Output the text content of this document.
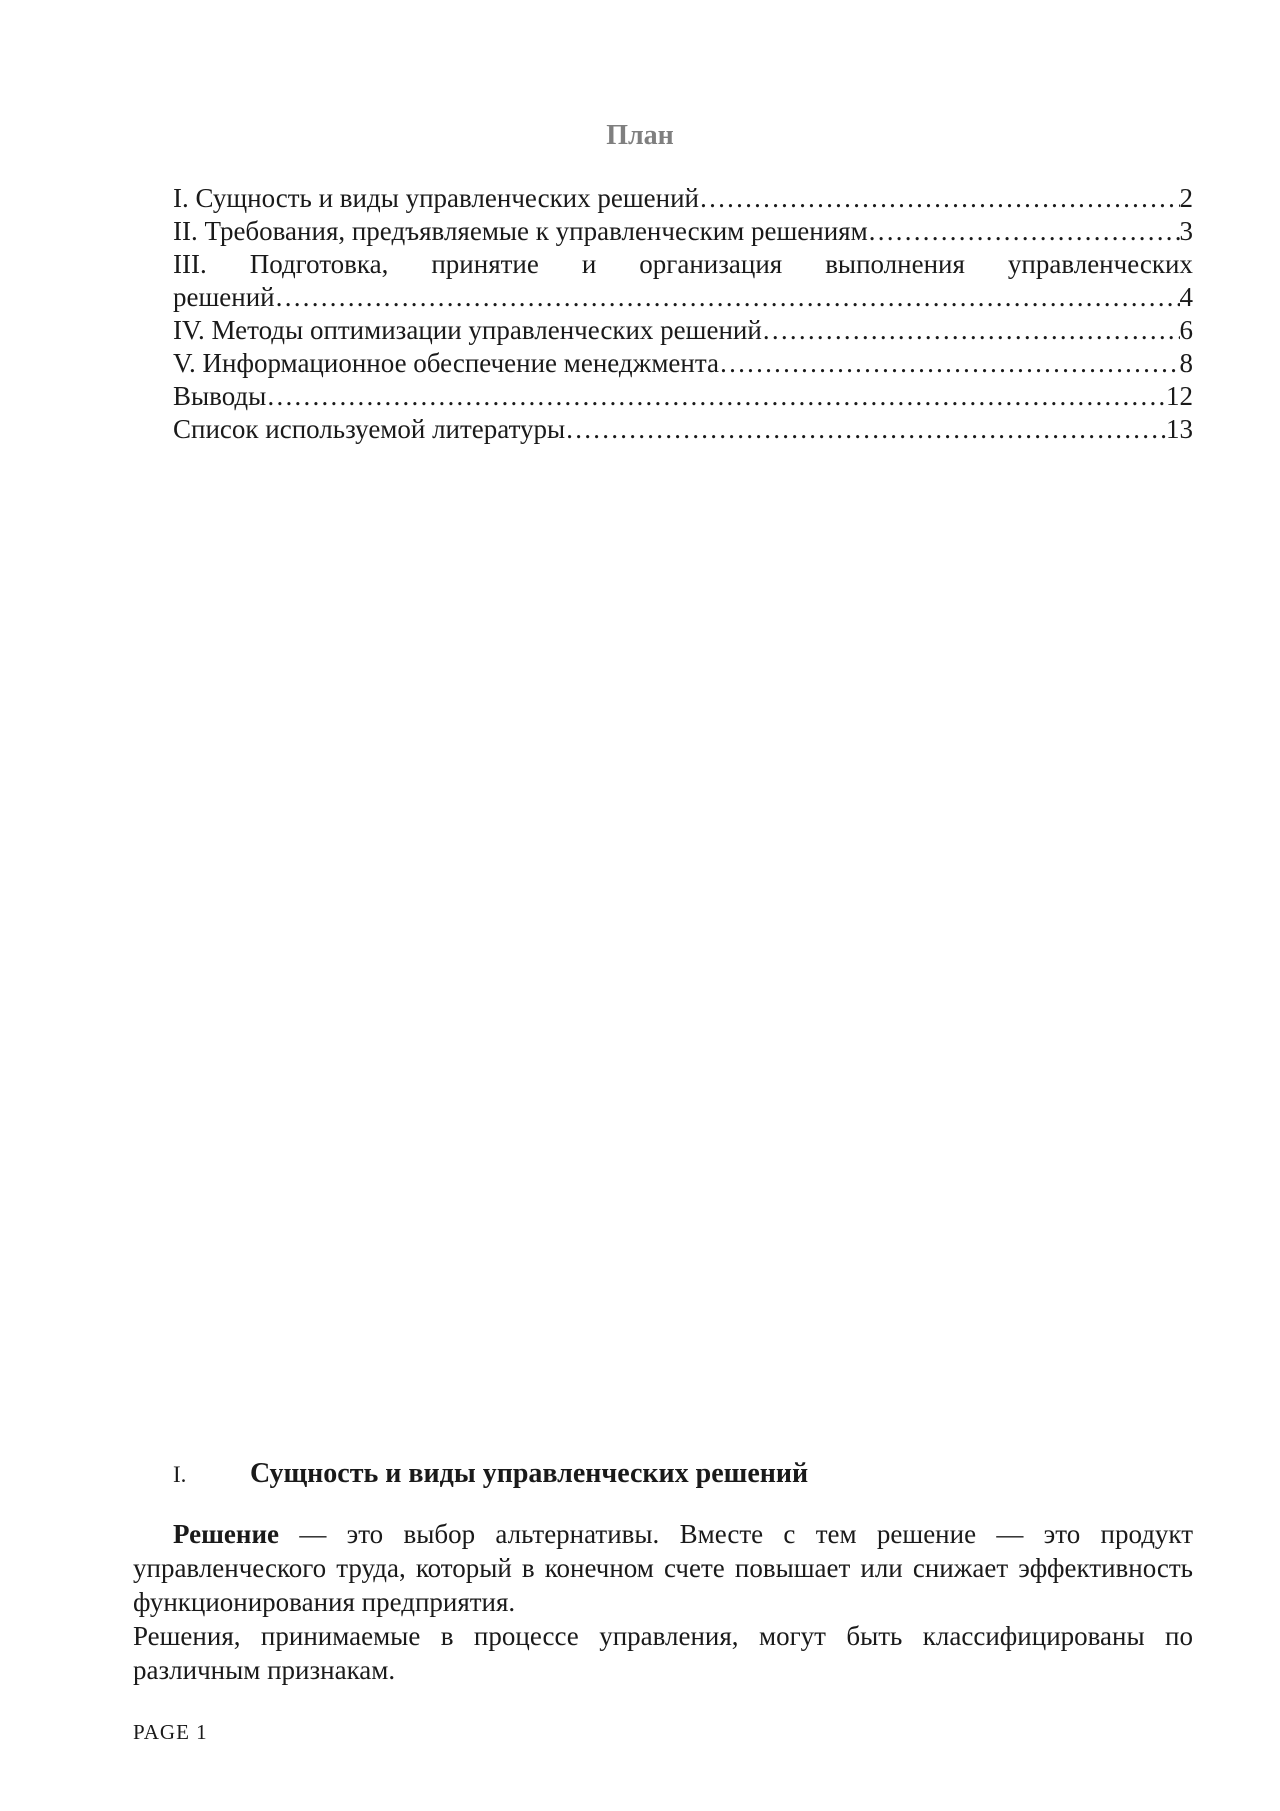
План
I. Сущность и виды управленческих решений …………………………………………………………………………………………………………………………………………	2
II. Требования, предъявляемые к управленческим решениям …………………………………………………………………………………………………………………………………………	3
III. Подготовка, принятие и организация выполнения управленческих
решений …………………………………………………………………………………………………………………………………………	4
IV. Методы оптимизации управленческих решений …………………………………………………………………………………………………………………………………………	6
V. Информационное обеспечение менеджмента …………………………………………………………………………………………………………………………………………	8
Выводы …………………………………………………………………………………………………………………………………………	12
Список используемой литературы …………………………………………………………………………………………………………………………………………	13
I.	Сущность и виды управленческих решений

Решение — это выбор альтернативы. Вместе с тем решение — это продукт управленческого труда, который в конечном счете повышает или снижает эффективность функционирования предприятия.

Решения, принимаемые в процессе управления, могут быть классифицированы по различным признакам.

PAGE 1
